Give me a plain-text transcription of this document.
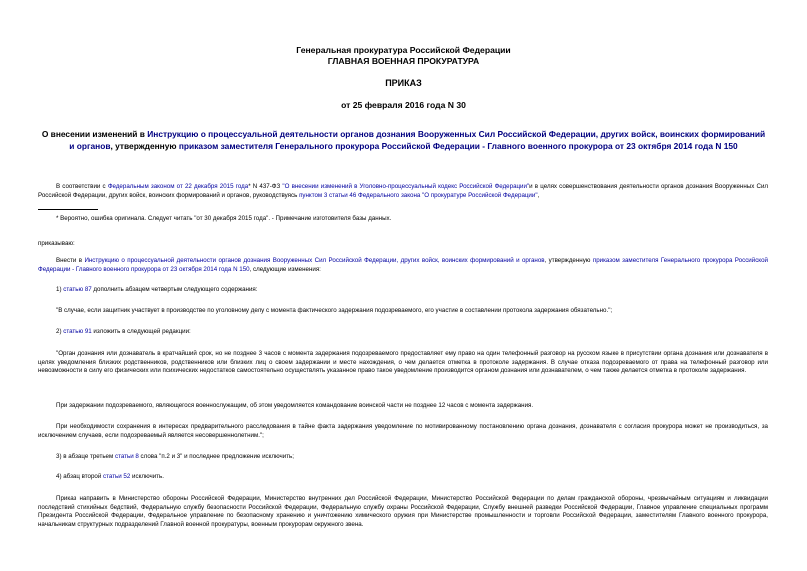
Генеральная прокуратура Российской Федерации
ГЛАВНАЯ ВОЕННАЯ ПРОКУРАТУРА
ПРИКАЗ
от 25 февраля 2016 года N 30
О внесении изменений в Инструкцию о процессуальной деятельности органов дознания Вооруженных Сил Российской Федерации, других войск, воинских формирований и органов, утвержденную приказом заместителя Генерального прокурора Российской Федерации - Главного военного прокурора от 23 октября 2014 года N 150
В соответствии с Федеральным законом от 22 декабря 2015 года* N 437-ФЗ "О внесении изменений в Уголовно-процессуальный кодекс Российской Федерации"и в целях совершенствования деятельности органов дознания Вооруженных Сил Российской Федерации, других войск, воинских формирований и органов, руководствуясь пунктом 3 статьи 46 Федерального закона "О прокуратуре Российской Федерации",
* Вероятно, ошибка оригинала. Следует читать "от 30 декабря 2015 года". - Примечание изготовителя базы данных.
приказываю:
Внести в Инструкцию о процессуальной деятельности органов дознания Вооруженных Сил Российской Федерации, других войск, воинских формирований и органов, утвержденную приказом заместителя Генерального прокурора Российской Федерации - Главного военного прокурора от 23 октября 2014 года N 150, следующие изменения:
1) статью 87 дополнить абзацем четвертым следующего содержания:
"В случае, если защитник участвует в производстве по уголовному делу с момента фактического задержания подозреваемого, его участие в составлении протокола задержания обязательно.";
2) статью 91 изложить в следующей редакции:
"Орган дознания или дознаватель в кратчайший срок, но не позднее 3 часов с момента задержания подозреваемого предоставляет ему право на один телефонный разговор на русском языке в присутствии органа дознания или дознавателя в целях уведомления близких родственников, родственников или близких лиц о своем задержании и месте нахождения, о чем делается отметка в протоколе задержания. В случае отказа подозреваемого от права на телефонный разговор или невозможности в силу его физических или психических недостатков самостоятельно осуществлять указанное право такое уведомление производится органом дознания или дознавателем, о чем также делается отметка в протоколе задержания.
При задержании подозреваемого, являющегося военнослужащим, об этом уведомляется командование воинской части не позднее 12 часов с момента задержания.
При необходимости сохранения в интересах предварительного расследования в тайне факта задержания уведомление по мотивированному постановлению органа дознания, дознавателя с согласия прокурора может не производиться, за исключением случаев, если подозреваемый является несовершеннолетним.";
3) в абзаце третьем статьи 8 слова "п.2 и 3" и последнее предложение исключить;
4) абзац второй статьи 52 исключить.
Приказ направить в Министерство обороны Российской Федерации, Министерство внутренних дел Российской Федерации, Министерство Российской Федерации по делам гражданской обороны, чрезвычайным ситуациям и ликвидации последствий стихийных бедствий, Федеральную службу безопасности Российской Федерации, Федеральную службу охраны Российской Федерации, Службу внешней разведки Российской Федерации, Главное управление специальных программ Президента Российской Федерации, Федеральное управление по безопасному хранению и уничтожению химического оружия при Министерстве промышленности и торговли Российской Федерации, заместителям Главного военного прокурора, начальникам структурных подразделений Главной военной прокуратуры, военным прокурорам окружного звена.
